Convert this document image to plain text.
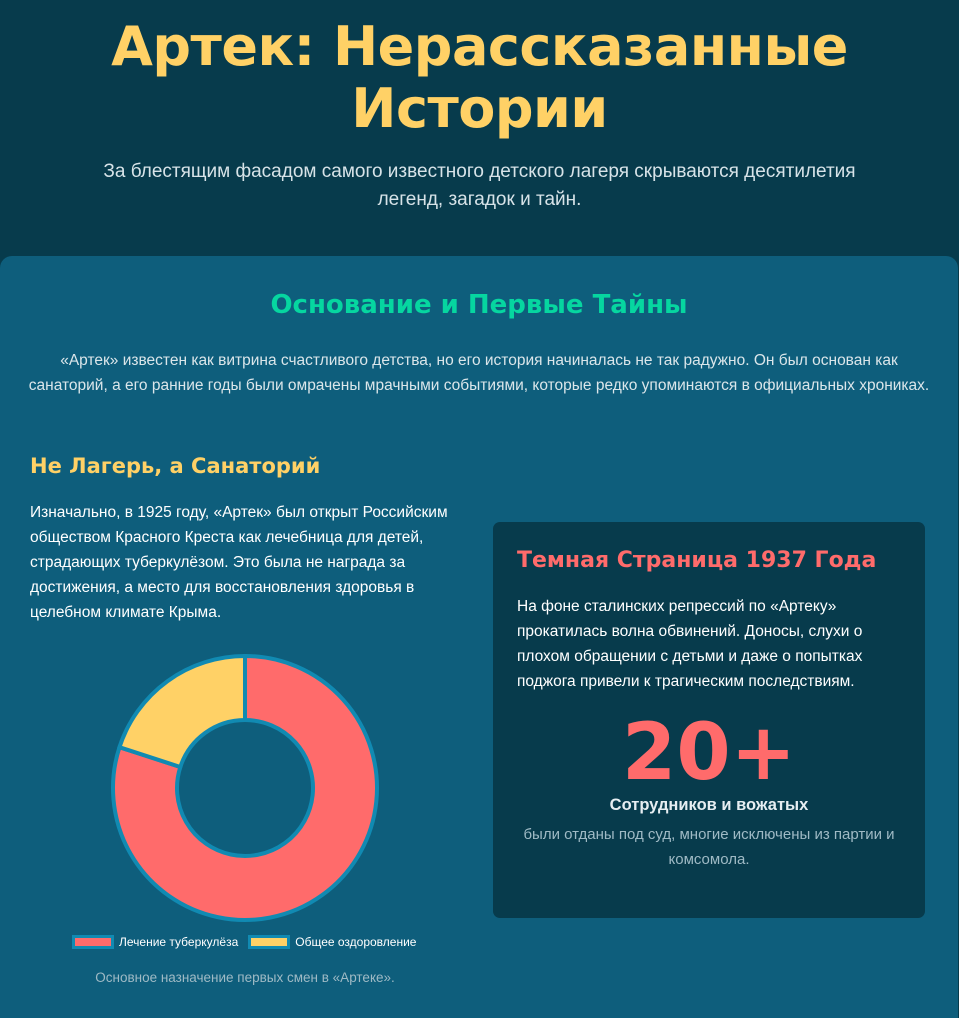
Артек: Нерассказанные Истории

За блестящим фасадом самого известного детского лагеря скрываются десятилетия легенд, загадок и тайн.

Основание и Первые Тайны
«Артек» известен как витрина счастливого детства, но его история начиналась не так радужно. Он был основан как санаторий, а его ранние годы были омрачены мрачными событиями, которые редко упоминаются в официальных хрониках.
Не Лагерь, а Санаторий
Изначально, в 1925 году, «Артек» был открыт Российским обществом Красного Креста как лечебница для детей, страдающих туберкулёзом. Это была не награда за достижения, а место для восстановления здоровья в целебном климате Крыма.
Лечение туберкулёза	Общее оздоровление
Основное назначение первых смен в «Артеке».
Темная Страница 1937 Года
На фоне сталинских репрессий по «Артеку» прокатилась волна обвинений. Доносы, слухи о плохом обращении с детьми и даже о попытках поджога привели к трагическим последствиям.
20+
Сотрудников и вожатых
были отданы под суд, многие исключены из партии и комсомола.
